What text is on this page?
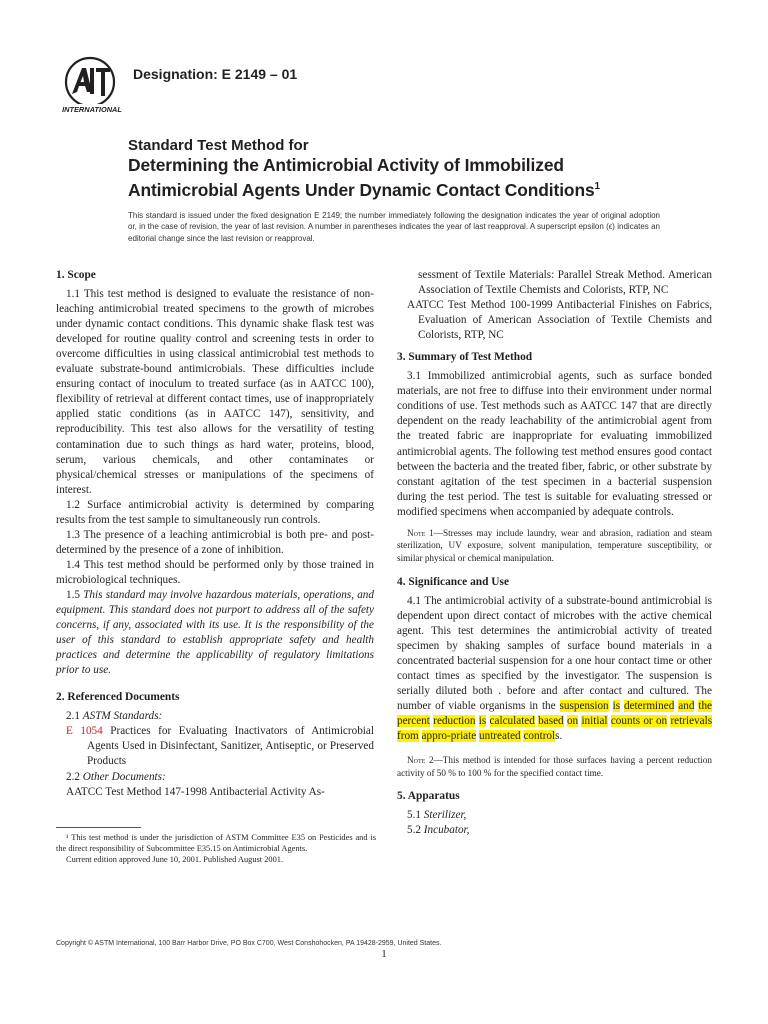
INTERNATIONAL
Designation: E 2149 – 01
Standard Test Method for
Determining the Antimicrobial Activity of Immobilized
Antimicrobial Agents Under Dynamic Contact Conditions$^1$
This standard is issued under the fixed designation E 2149; the number immediately following the designation indicates the year of original adoption or, in the case of revision, the year of last revision. A number in parentheses indicates the year of last reapproval. A superscript epsilon (ϵ) indicates an editorial change since the last revision or reapproval.
1. Scope

1.1 This test method is designed to evaluate the resistance of non-leaching antimicrobial treated specimens to the growth of microbes under dynamic contact conditions. This dynamic shake flask test was developed for routine quality control and screening tests in order to overcome difficulties in using classical antimicrobial test methods to evaluate substrate-bound antimicrobials. These difficulties include ensuring contact of inoculum to treated surface (as in AATCC 100), flexibility of retrieval at different contact times, use of inappropriately applied static conditions (as in AATCC 147), sensitivity, and reproducibility. This test also allows for the versatility of testing contamination due to such things as hard water, proteins, blood, serum, various chemicals, and other contaminates or physical/chemical stresses or manipulations of the specimens of interest.

1.2 Surface antimicrobial activity is determined by comparing results from the test sample to simultaneously run controls.

1.3 The presence of a leaching antimicrobial is both pre- and post-determined by the presence of a zone of inhibition.

1.4 This test method should be performed only by those trained in microbiological techniques.

1.5 This standard may involve hazardous materials, operations, and equipment. This standard does not purport to address all of the safety concerns, if any, associated with its use. It is the responsibility of the user of this standard to establish appropriate safety and health practices and determine the applicability of regulatory limitations prior to use.

2. Referenced Documents

2.1 ASTM Standards:

E 1054 Practices for Evaluating Inactivators of Antimicrobial Agents Used in Disinfectant, Sanitizer, Antiseptic, or Preserved Products

2.2 Other Documents:

AATCC Test Method 147-1998 Antibacterial Activity As-

¹ This test method is under the jurisdiction of ASTM Committee E35 on Pesticides and is the direct responsibility of Subcommittee E35.15 on Antimicrobial Agents.

Current edition approved June 10, 2001. Published August 2001.

sessment of Textile Materials: Parallel Streak Method. American Association of Textile Chemists and Colorists, RTP, NC

AATCC Test Method 100-1999 Antibacterial Finishes on Fabrics, Evaluation of American Association of Textile Chemists and Colorists, RTP, NC

3. Summary of Test Method

3.1 Immobilized antimicrobial agents, such as surface bonded materials, are not free to diffuse into their environment under normal conditions of use. Test methods such as AATCC 147 that are directly dependent on the ready leachability of the antimicrobial agent from the treated fabric are inappropriate for evaluating immobilized antimicrobial agents. The following test method ensures good contact between the bacteria and the treated fiber, fabric, or other substrate by constant agitation of the test specimen in a bacterial suspension during the test period. The test is suitable for evaluating stressed or modified specimens when accompanied by adequate controls.

Note 1—Stresses may include laundry, wear and abrasion, radiation and steam sterilization, UV exposure, solvent manipulation, temperature susceptibility, or similar physical or chemical manipulation.

4. Significance and Use

4.1 The antimicrobial activity of a substrate-bound antimicrobial is dependent upon direct contact of microbes with the active chemical agent. This test determines the antimicrobial activity of treated specimen by shaking samples of surface bound materials in a concentrated bacterial suspension for a one hour contact time or other contact times as specified by the investigator. The suspension is serially diluted both . before and after contact and cultured. The number of viable organisms in the suspension is determined and the percent reduction is calculated based on initial counts or on retrievals from appro-priate untreated controls.

Note 2—This method is intended for those surfaces having a percent reduction activity of 50 % to 100 % for the specified contact time.

5. Apparatus

5.1 Sterilizer,

5.2 Incubator,

Copyright © ASTM International, 100 Barr Harbor Drive, PO Box C700, West Conshohocken, PA 19428-2959, United States.
1
